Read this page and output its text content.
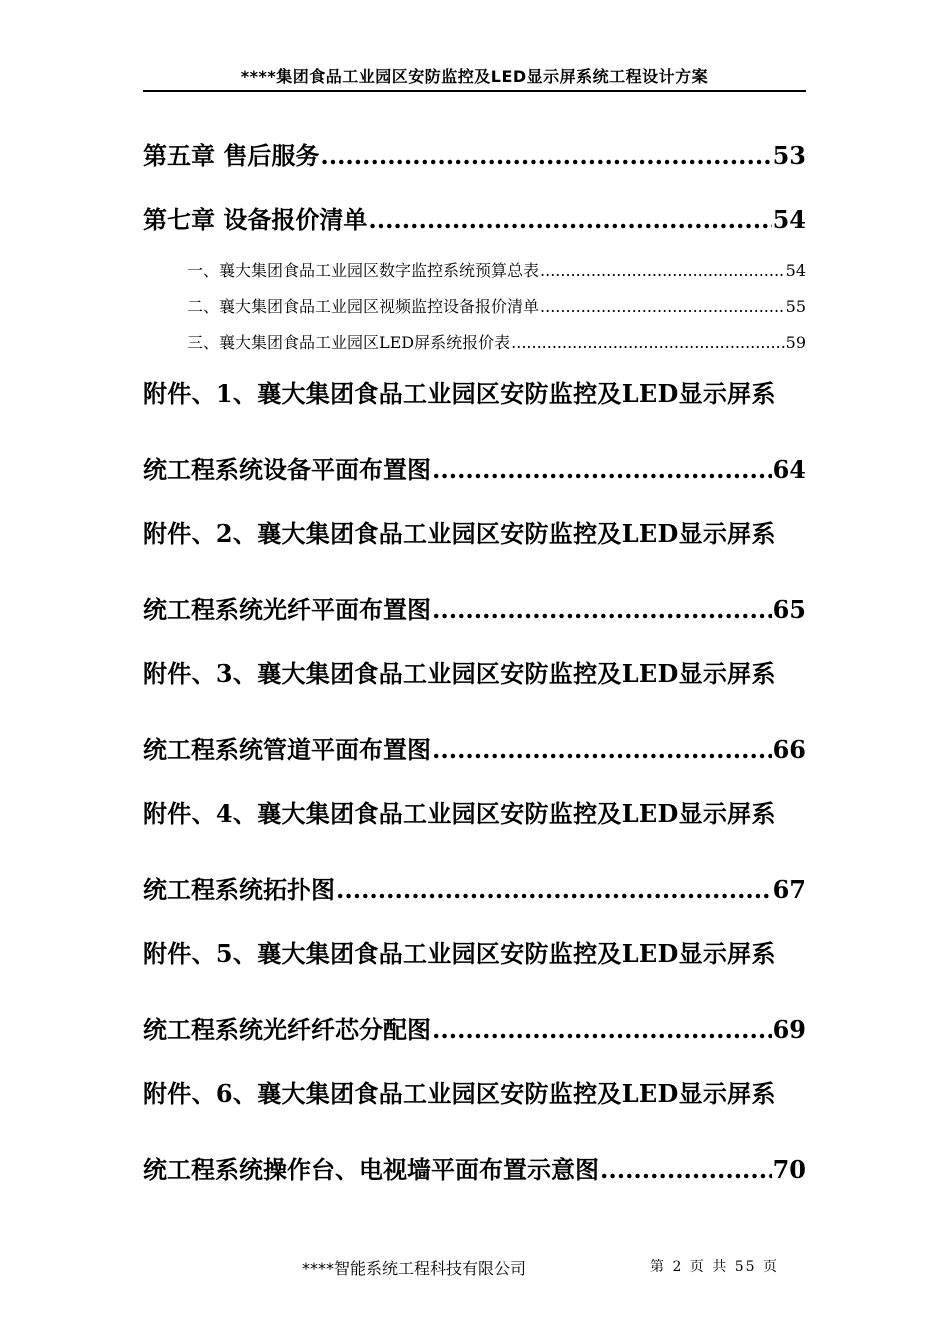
****集团食品工业园区安防监控及LED显示屏系统工程设计方案
第五章 售后服务 .....	53
第七章 设备报价清单 .....	54
一、襄大集团食品工业园区数字监控系统预算总表 .....	54
二、襄大集团食品工业园区视频监控设备报价清单 .....	55
三、襄大集团食品工业园区LED屏系统报价表 .....	59
附件、1、襄大集团食品工业园区安防监控及LED显示屏系
统工程系统设备平面布置图 .....	64
附件、2、襄大集团食品工业园区安防监控及LED显示屏系
统工程系统光纤平面布置图 .....	65
附件、3、襄大集团食品工业园区安防监控及LED显示屏系
统工程系统管道平面布置图 .....	66
附件、4、襄大集团食品工业园区安防监控及LED显示屏系
统工程系统拓扑图 .....	67
附件、5、襄大集团食品工业园区安防监控及LED显示屏系
统工程系统光纤纤芯分配图 .....	69
附件、6、襄大集团食品工业园区安防监控及LED显示屏系
统工程系统操作台、电视墙平面布置示意图 .....	70
****智能系统工程科技有限公司	第 2 页 共 55 页
